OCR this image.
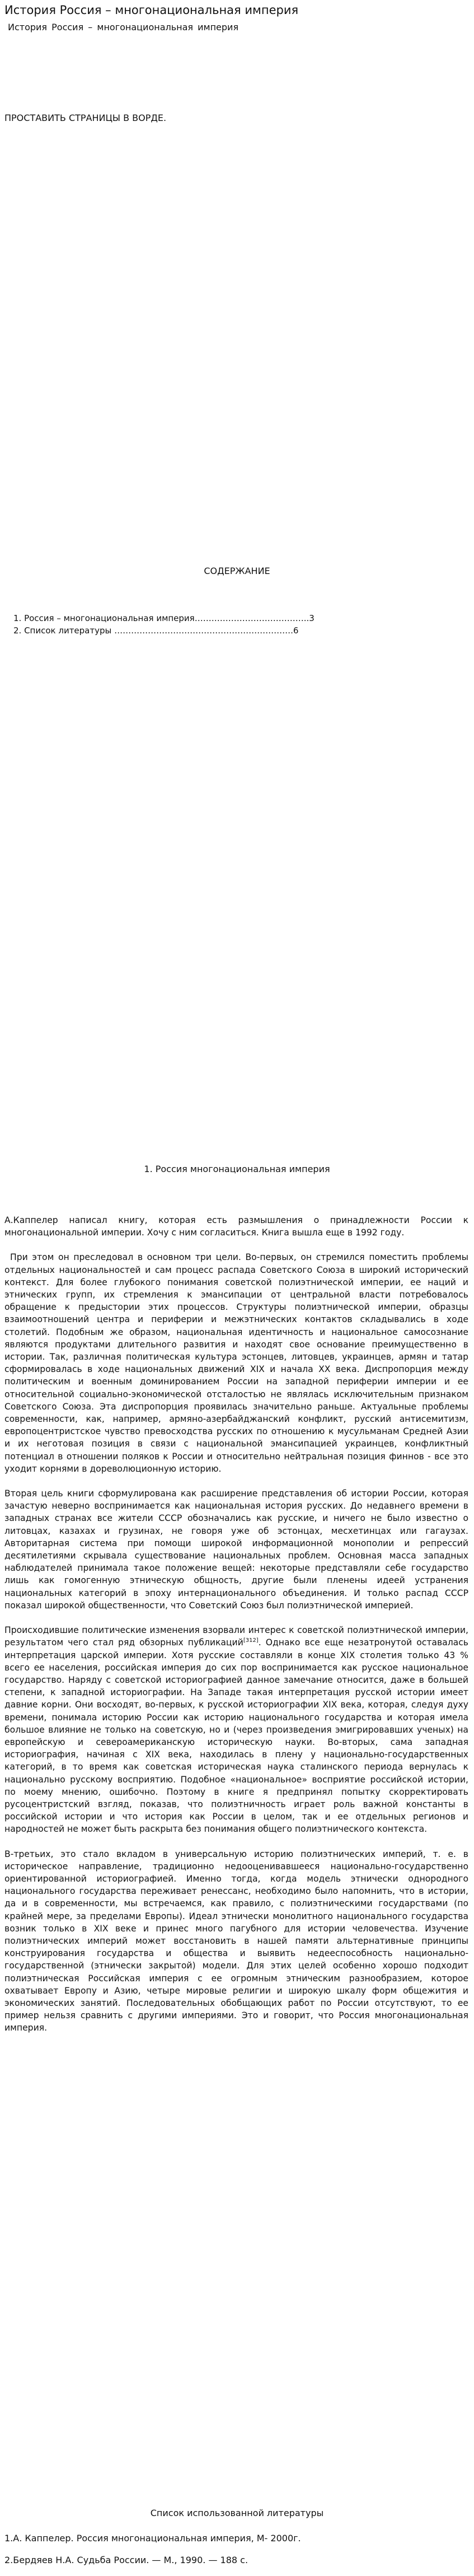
История Россия – многонациональная империя
История Россия – многонациональная империя
ПРОСТАВИТЬ СТРАНИЦЫ В ВОРДЕ.
СОДЕРЖАНИЕ
1. Россия – многонациональная империя…………………………………..3
2. Список литературы ……………………………………………………….6
1. Россия многонациональная империя

А.Каппелер написал книгу, которая есть размышления о принадлежности России к многонациональной империи. Хочу с ним согласиться. Книга вышла еще в 1992 году.

При этом он преследовал в основном три цели. Во-первых, он стремился поместить проблемы отдельных национальностей и сам процесс распада Советского Союза в широкий исторический контекст. Для более глубокого понимания советской полиэтнической империи, ее наций и этнических групп, их стремления к эмансипации от центральной власти потребовалось обращение к предыстории этих процессов. Структуры полиэтнической империи, образцы взаимоотношений центра и периферии и межэтнических контактов складывались в ходе столетий. Подобным же образом, национальная идентичность и национальное самосознание являются продуктами длительного развития и находят свое основание преимущественно в истории. Так, различная политическая культура эстонцев, литовцев, украинцев, армян и татар сформировалась в ходе национальных движений XIX и начала XX века. Диспропорция между политическим и военным доминированием России на западной периферии империи и ее относительной социально-экономической отсталостью не являлась исключительным признаком Советского Союза. Эта диспропорция проявилась значительно раньше. Актуальные проблемы современности, как, например, армяно-азербайджанский конфликт, русский антисемитизм, европоцентристское чувство превосходства русских по отношению к мусульманам Средней Азии и их неготовая позиция в связи с национальной эмансипацией украинцев, конфликтный потенциал в отношении поляков к России и относительно нейтральная позиция финнов - все это уходит корнями в дореволюционную историю.

Вторая цель книги сформулирована как расширение представления об истории России, которая зачастую неверно воспринимается как национальная история русских. До недавнего времени в западных странах все жители СССР обозначались как русские, и ничего не было известно о литовцах, казахах и грузинах, не говоря уже об эстонцах, месхетинцах или гагаузах. Авторитарная система при помощи широкой информационной монополии и репрессий десятилетиями скрывала существование национальных проблем. Основная масса западных наблюдателей принимала такое положение вещей: некоторые представляли себе государство лишь как гомогенную этническую общность, другие были пленены идеей устранения национальных категорий в эпоху интернационального объединения. И только распад СССР показал широкой общественности, что Советский Союз был полиэтнической империей.

Происходившие политические изменения взорвали интерес к советской полиэтнической империи, результатом чего стал ряд обзорных публикаций[312]. Однако все еще незатронутой оставалась интерпретация царской империи. Хотя русские составляли в конце XIX столетия только 43 % всего ее населения, российская империя до сих пор воспринимается как русское национальное государство. Наряду с советской историографией данное замечание относится, даже в большей степени, к западной историографии. На Западе такая интерпретация русской истории имеет давние корни. Они восходят, во-первых, к русской историографии XIX века, которая, следуя духу времени, понимала историю России как историю национального государства и которая имела большое влияние не только на советскую, но и (через произведения эмигрировавших ученых) на европейскую и североамериканскую историческую науки. Во-вторых, сама западная историография, начиная с XIX века, находилась в плену у национально-государственных категорий, в то время как советская историческая наука сталинского периода вернулась к национально русскому восприятию. Подобное «национальное» восприятие российской истории, по моему мнению, ошибочно. Поэтому в книге я предпринял попытку скорректировать русоцентристский взгляд, показав, что полиэтничность играет роль важной константы в российской истории и что история как России в целом, так и ее отдельных регионов и народностей не может быть раскрыта без понимания общего полиэтнического контекста.

В-третьих, это стало вкладом в универсальную историю полиэтнических империй, т. е. в историческое направление, традиционно недооценивавшееся национально-государственно ориентированной историографией. Именно тогда, когда модель этнически однородного национального государства переживает ренессанс, необходимо было напомнить, что в истории, да и в современности, мы встречаемся, как правило, с полиэтническими государствами (по крайней мере, за пределами Европы). Идеал этнически монолитного национального государства возник только в XIX веке и принес много пагубного для истории человечества. Изучение полиэтнических империй может восстановить в нашей памяти альтернативные принципы конструирования государства и общества и выявить недееспособность национально-государственной (этнически закрытой) модели. Для этих целей особенно хорошо подходит полиэтническая Российская империя с ее огромным этническим разнообразием, которое охватывает Европу и Азию, четыре мировые религии и широкую шкалу форм общежития и экономических занятий. Последовательных обобщающих работ по России отсутствуют, то ее пример нельзя сравнить с другими империями. Это и говорит, что Россия многонациональная империя.

Список использованной литературы
1.А. Каппелер. Россия многонациональная империя, М- 2000г.
2.Бердяев Н.А. Судьба России. — М., 1990. — 188 с.
